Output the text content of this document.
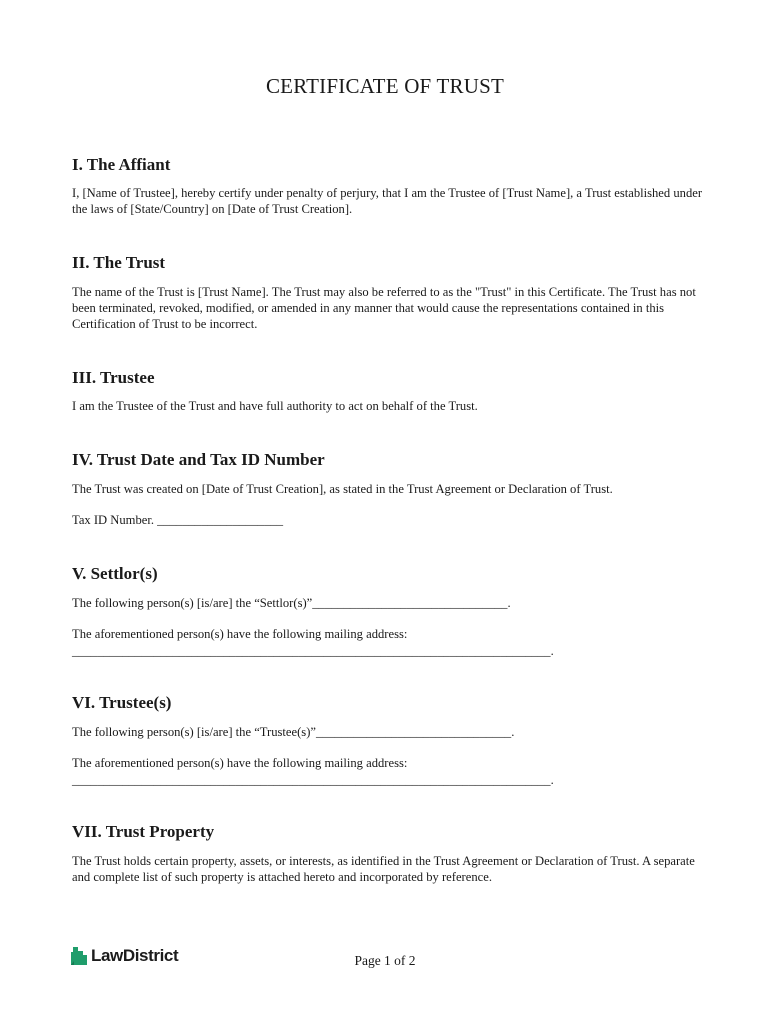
CERTIFICATE OF TRUST
I. The Affiant

I, [Name of Trustee], hereby certify under penalty of perjury, that I am the Trustee of [Trust Name], a Trust established under the laws of [State/Country] on [Date of Trust Creation].

II. The Trust

The name of the Trust is [Trust Name]. The Trust may also be referred to as the "Trust" in this Certificate. The Trust has not been terminated, revoked, modified, or amended in any manner that would cause the representations contained in this Certification of Trust to be incorrect.

III. Trustee

I am the Trustee of the Trust and have full authority to act on behalf of the Trust.

IV. Trust Date and Tax ID Number

The Trust was created on [Date of Trust Creation], as stated in the Trust Agreement or Declaration of Trust.

Tax ID Number. ____________________

V. Settlor(s)

The following person(s) [is/are] the “Settlor(s)”_______________________________.

The aforementioned person(s) have the following mailing address:

____________________________________________________________________________.

VI. Trustee(s)

The following person(s) [is/are] the “Trustee(s)”_______________________________.

The aforementioned person(s) have the following mailing address:

____________________________________________________________________________.

VII. Trust Property

The Trust holds certain property, assets, or interests, as identified in the Trust Agreement or Declaration of Trust. A separate and complete list of such property is attached hereto and incorporated by reference.

LawDistrict	Page 1 of 2
